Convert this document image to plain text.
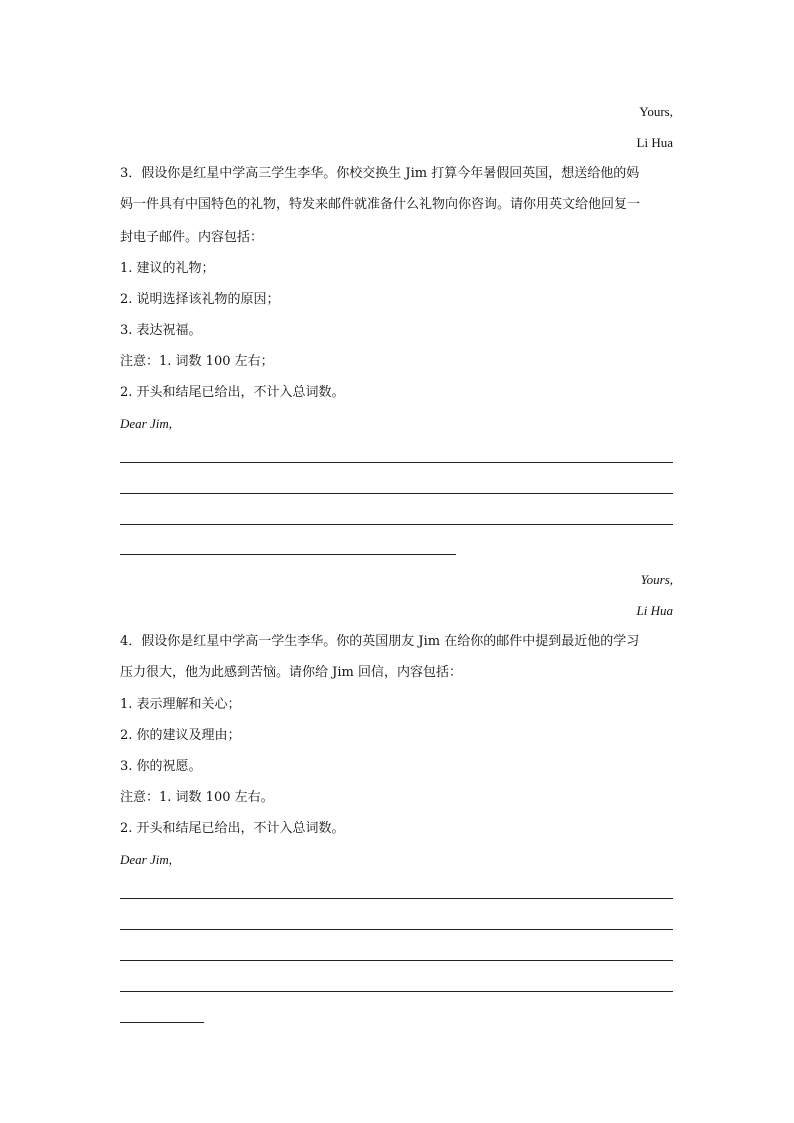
Yours,
Li Hua
3．假设你是红星中学高三学生李华。你校交换生 Jim 打算今年暑假回英国，想送给他的妈
妈一件具有中国特色的礼物，特发来邮件就准备什么礼物向你咨询。请你用英文给他回复一
封电子邮件。内容包括：
1. 建议的礼物；
2. 说明选择该礼物的原因；
3. 表达祝福。
注意：1. 词数 100 左右；
2. 开头和结尾已给出，不计入总词数。
Dear Jim,
Yours,
Li Hua
4．假设你是红星中学高一学生李华。你的英国朋友 Jim 在给你的邮件中提到最近他的学习
压力很大，他为此感到苦恼。请你给 Jim 回信，内容包括：
1. 表示理解和关心；
2. 你的建议及理由；
3. 你的祝愿。
注意：1. 词数 100 左右。
2. 开头和结尾已给出，不计入总词数。
Dear Jim,
